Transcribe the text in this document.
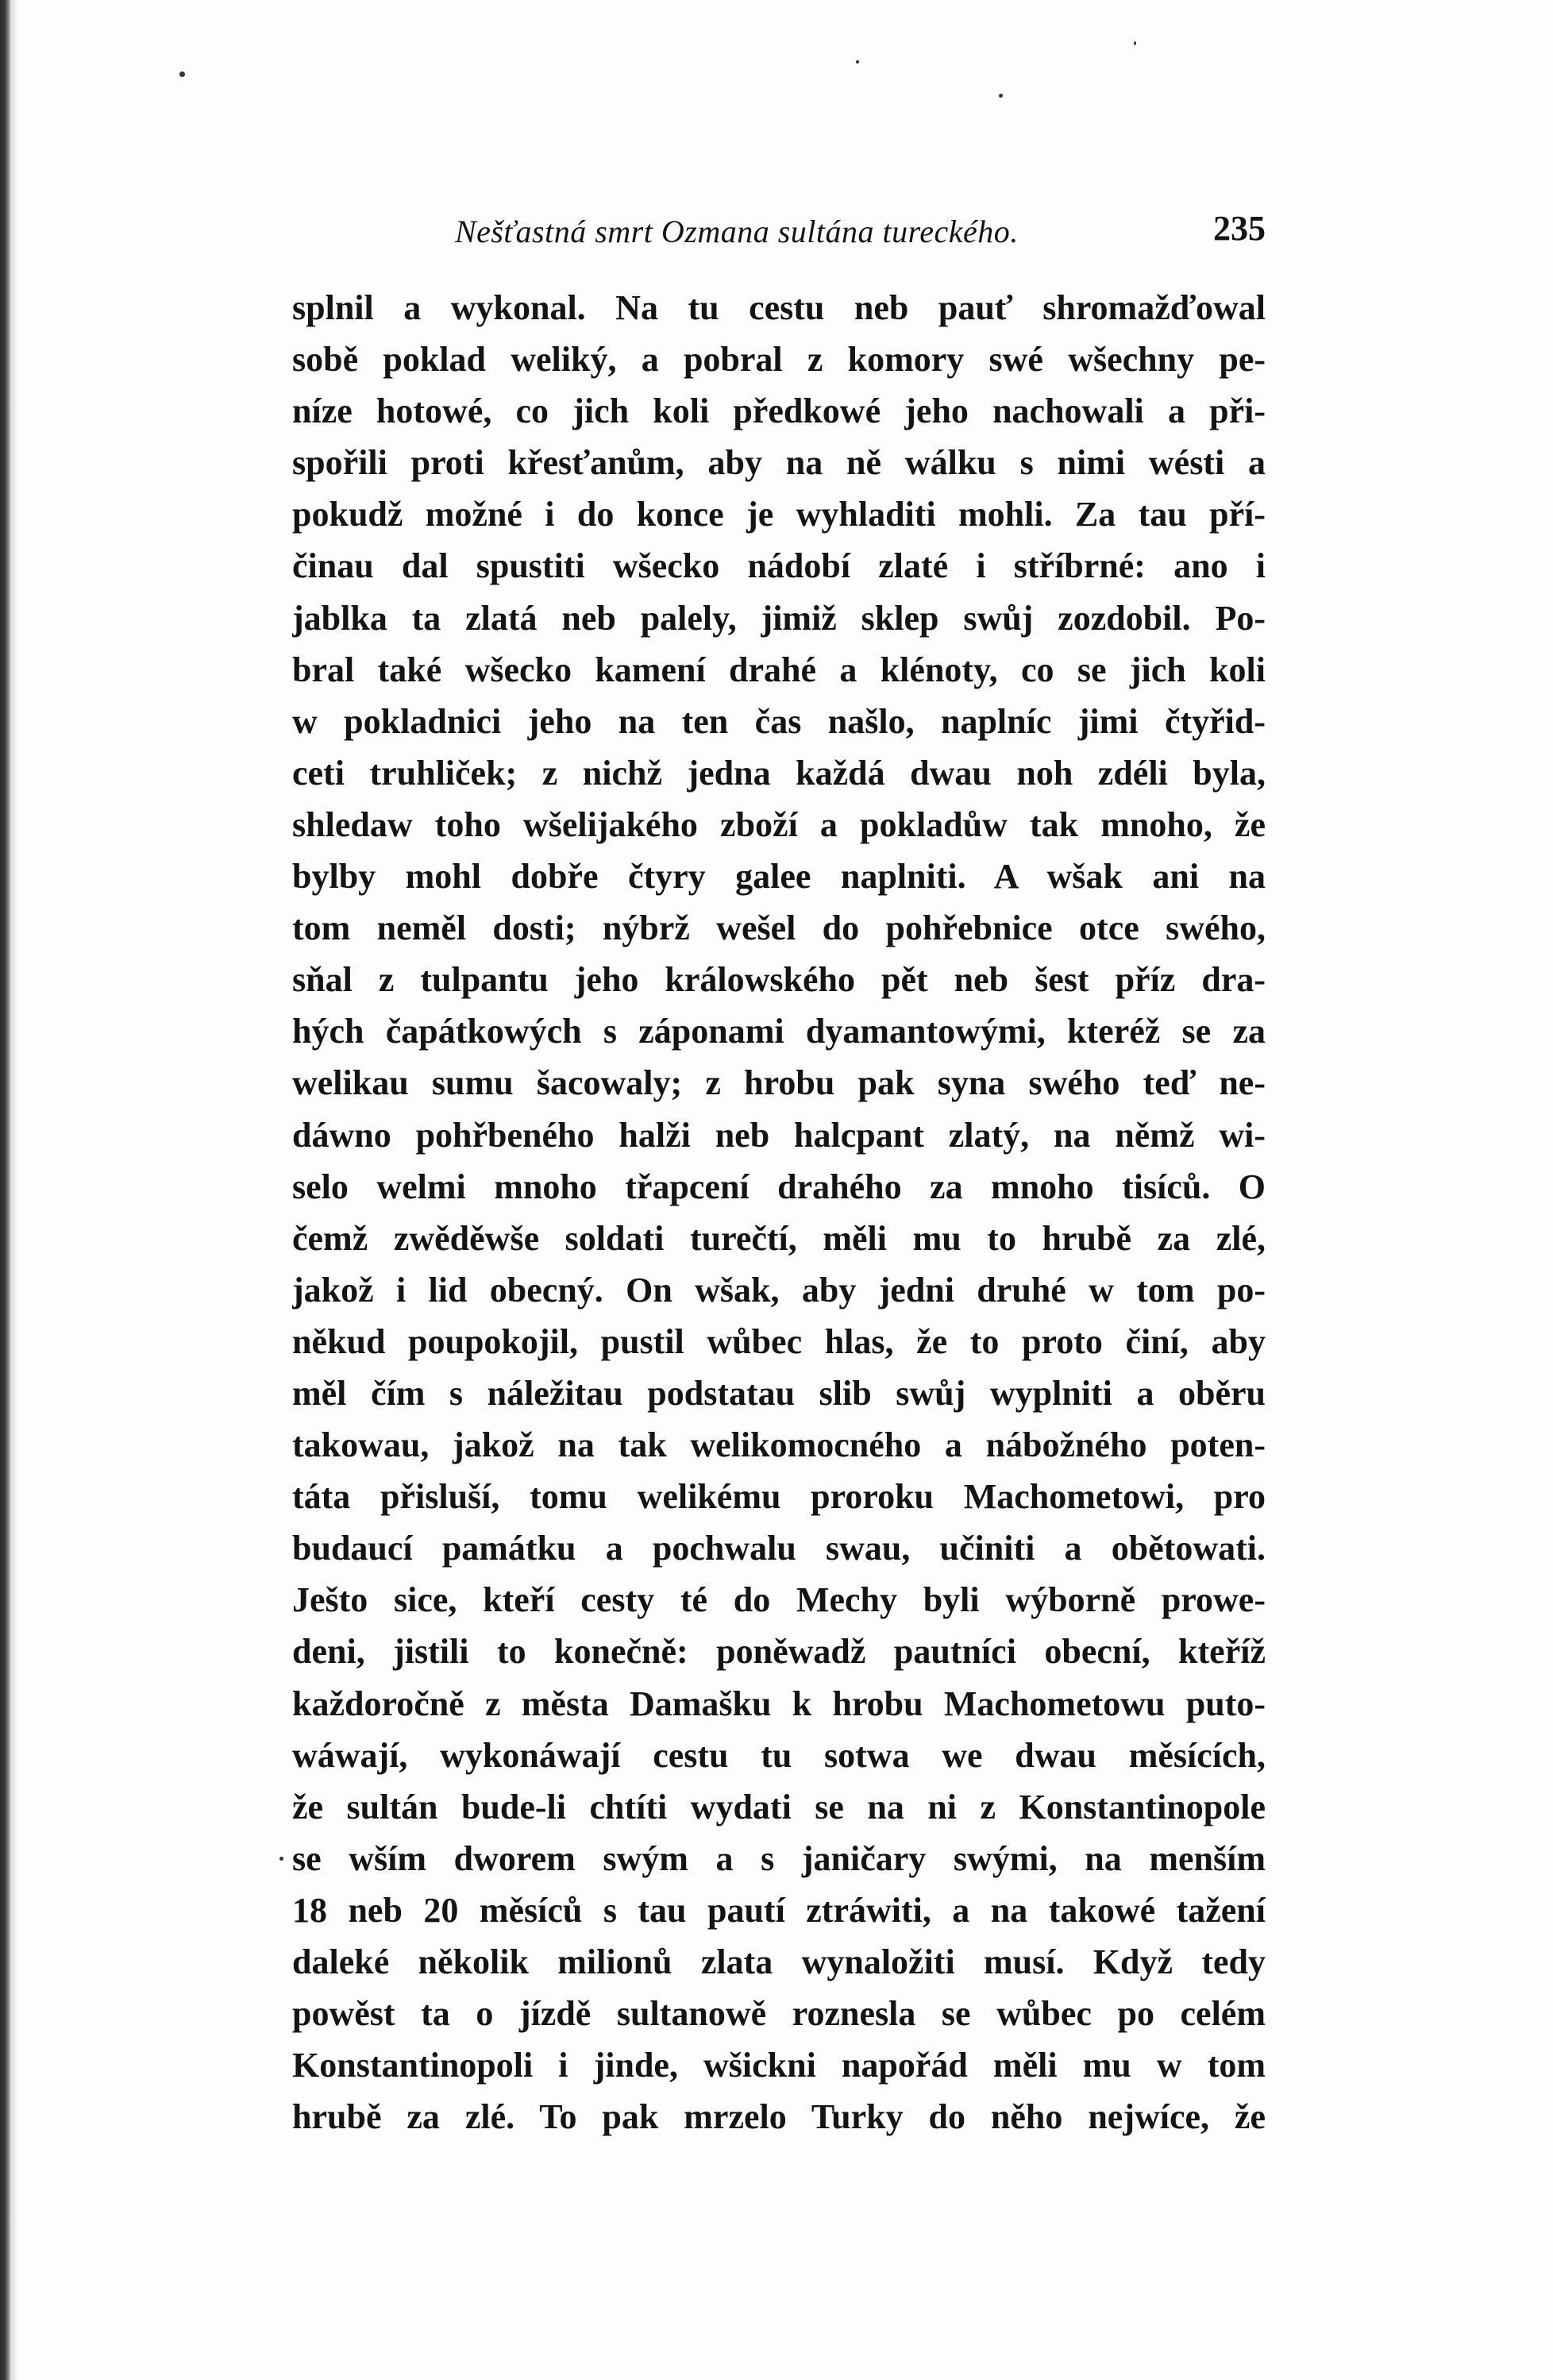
Nešťastná smrt Ozmana sultána tureckého.	235
splnil a wykonal. Na tu cestu neb pauť shromažďowal
sobě poklad weliký, a pobral z komory swé wšechny pe-
níze hotowé, co jich koli předkowé jeho nachowali a při-
spořili proti křesťanům, aby na ně wálku s nimi wésti a
pokudž možné i do konce je wyhladiti mohli. Za tau pří-
činau dal spustiti wšecko nádobí zlaté i stříbrné: ano i
jablka ta zlatá neb palely, jimiž sklep swůj zozdobil. Po-
bral také wšecko kamení drahé a klénoty, co se jich koli
w pokladnici jeho na ten čas našlo, naplníc jimi čtyřid-
ceti truhliček; z nichž jedna každá dwau noh zdéli byla,
shledaw toho wšelijakého zboží a pokladůw tak mnoho, že
bylby mohl dobře čtyry galee naplniti. A wšak ani na
tom neměl dosti; nýbrž wešel do pohřebnice otce swého,
sňal z tulpantu jeho králowského pět neb šest příz dra-
hých čapátkowých s záponami dyamantowými, kteréž se za
welikau sumu šacowaly; z hrobu pak syna swého teď ne-
dáwno pohřbeného halži neb halcpant zlatý, na němž wi-
selo welmi mnoho třapcení drahého za mnoho tisíců. O
čemž zwěděwše soldati turečtí, měli mu to hrubě za zlé,
jakož i lid obecný. On wšak, aby jedni druhé w tom po-
někud poupokojil, pustil wůbec hlas, že to proto činí, aby
měl čím s náležitau podstatau slib swůj wyplniti a oběru
takowau, jakož na tak welikomocného a nábožného poten-
táta přisluší, tomu welikému proroku Machometowi, pro
budaucí památku a pochwalu swau, učiniti a obětowati.
Ješto sice, kteří cesty té do Mechy byli wýborně prowe-
deni, jistili to konečně: poněwadž pautníci obecní, kteříž
každoročně z města Damašku k hrobu Machometowu puto-
wáwají, wykonáwají cestu tu sotwa we dwau měsících,
že sultán bude-li chtíti wydati se na ni z Konstantinopole
se wším dworem swým a s janičary swými, na menším
18 neb 20 měsíců s tau pautí ztráwiti, a na takowé tažení
daleké několik milionů zlata wynaložiti musí. Když tedy
powěst ta o jízdě sultanowě roznesla se wůbec po celém
Konstantinopoli i jinde, wšickni napořád měli mu w tom
hrubě za zlé. To pak mrzelo Turky do něho nejwíce, že
